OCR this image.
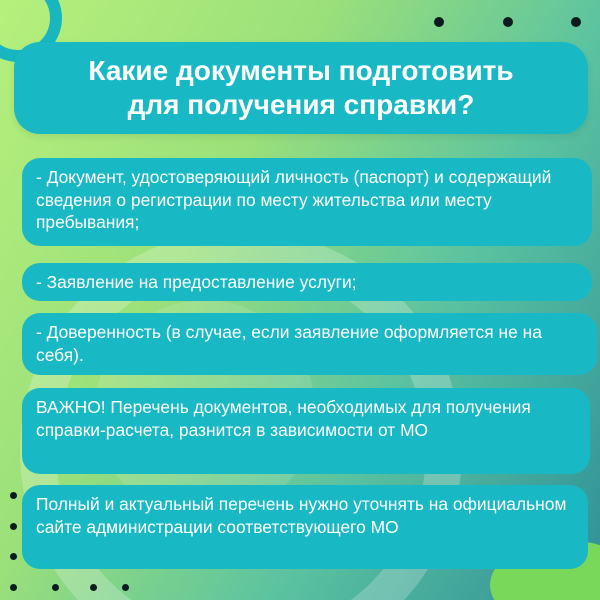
Какие документы подготовить
для получения справки?
- Документ, удостоверяющий личность (паспорт) и содержащий сведения о регистрации по месту жительства или месту пребывания;
- Заявление на предоставление услуги;
- Доверенность (в случае, если заявление оформляется не на себя).
ВАЖНО! Перечень документов, необходимых для получения справки-расчета, разнится в зависимости от МО
Полный и актуальный перечень нужно уточнять на официальном сайте администрации соответствующего МО
